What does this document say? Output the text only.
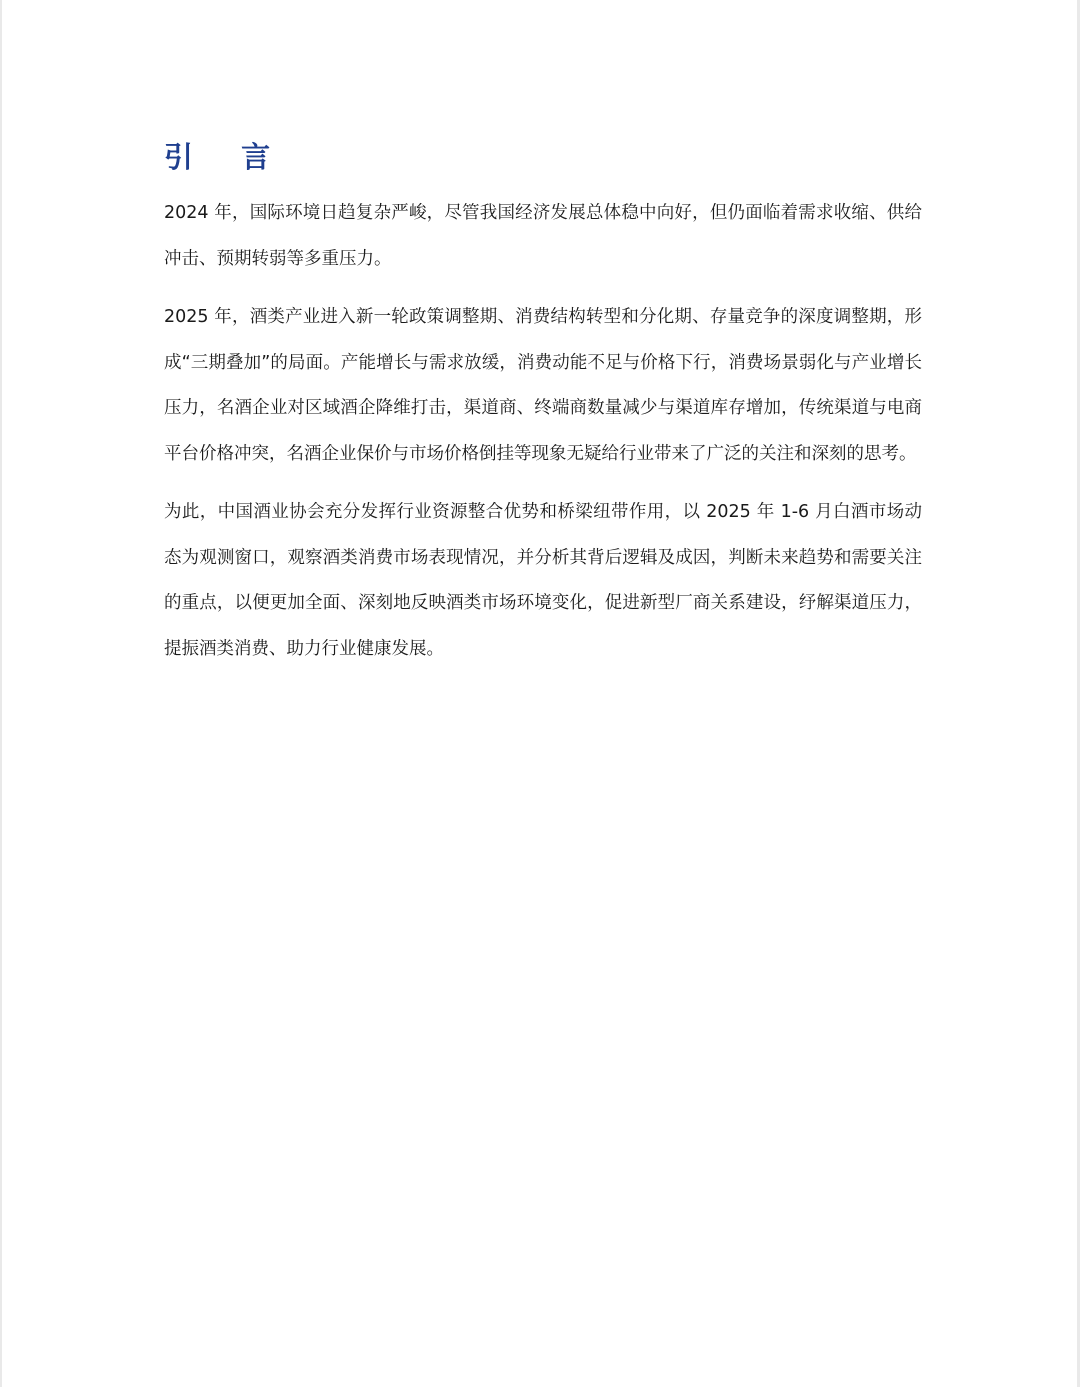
引 言

2024 年，国际环境日趋复杂严峻，尽管我国经济发展总体稳中向好，但仍面临着需求收缩、供给冲击、预期转弱等多重压力。

2025 年，酒类产业进入新一轮政策调整期、消费结构转型和分化期、存量竞争的深度调整期，形成“三期叠加”的局面。产能增长与需求放缓，消费动能不足与价格下行，消费场景弱化与产业增长压力，名酒企业对区域酒企降维打击，渠道商、终端商数量减少与渠道库存增加，传统渠道与电商平台价格冲突，名酒企业保价与市场价格倒挂等现象无疑给行业带来了广泛的关注和深刻的思考。

为此，中国酒业协会充分发挥行业资源整合优势和桥梁纽带作用，以 2025 年 1-6 月白酒市场动态为观测窗口，观察酒类消费市场表现情况，并分析其背后逻辑及成因，判断未来趋势和需要关注的重点，以便更加全面、深刻地反映酒类市场环境变化，促进新型厂商关系建设，纾解渠道压力，提振酒类消费、助力行业健康发展。
